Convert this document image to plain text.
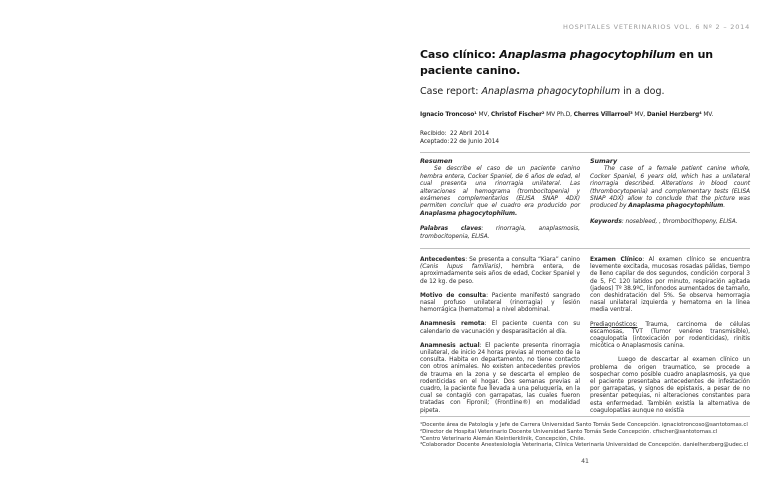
HOSPITALES VETERINARIOS VOL. 6 Nº 2 – 2014
Caso clínico: Anaplasma phagocytophilum en un paciente canino.
Case report: Anaplasma phagocytophilum in a dog.
Ignacio Troncoso¹ MV, Christof Fischer² MV Ph.D, Cherres Villarroel³ MV, Daniel Herzberg⁴ MV.
Recibido: 22 Abril 2014
Aceptado:22 de Junio 2014
Resumen

Se describe el caso de un paciente canino hembra entera, Cocker Spaniel, de 6 años de edad, el cual presenta una rinorragia unilateral. Las alteraciones al hemograma (trombocitopenia) y exámenes complementarios (ELISA SNAP 4DX) permiten concluir que el cuadro era producido por Anaplasma phagocytophilum.

Palabras claves: rinorragia, anaplasmosis, trombocitopenia, ELISA.

Sumary

The case of a female patient canine whole, Cocker Spaniel, 6 years old, which has a unilateral rinorragia described. Alterations in blood count (thrombocytopenia) and complementary tests (ELISA SNAP 4DX) allow to conclude that the picture was produced by Anaplasma phagocytophilum.

Keywords: nosebleed, , thrombocithopeny, ELISA.

Antecedentes: Se presenta a consulta “Kiara” canino (Canis lupus familiaris), hembra entera, de aproximadamente seis años de edad, Cocker Spaniel y de 12 kg. de peso.

Motivo de consulta: Paciente manifestó sangrado nasal profuso unilateral (rinorragia) y lesión hemorrágica (hematoma) a nivel abdominal.

Anamnesis remota: El paciente cuenta con su calendario de vacunación y desparasitación al día.

Anamnesis actual: El paciente presenta rinorragia unilateral, de inicio 24 horas previas al momento de la consulta. Habita en departamento, no tiene contacto con otros animales. No existen antecedentes previos de trauma en la zona y se descarta el empleo de rodenticidas en el hogar. Dos semanas previas al cuadro, la paciente fue llevada a una peluquería, en la cual se contagió con garrapatas, las cuales fueron tratadas con Fipronil; (Frontline®) en modalidad pipeta.

Examen Clínico: Al examen clínico se encuentra levemente excitada, mucosas rosadas pálidas, tiempo de lleno capilar de dos segundos, condición corporal 3 de 5, FC 120 latidos por minuto, respiración agitada (jadeos) Tº 38.9ºC, linfonodos aumentados de tamaño, con deshidratación del 5%. Se observa hemorragia nasal unilateral izquierda y hematoma en la línea media ventral.

Prediagnósticos: Trauma, carcinoma de células escamosas, TVT (Tumor venéreo transmisible), coagulopatía (intoxicación por rodenticidas), rinitis micótica o Anaplasmosis canina.

Luego de descartar al examen clínico un problema de origen traumatico, se procede a sospechar como posible cuadro anaplasmosis, ya que el paciente presentaba antecedentes de infestación por garrapatas, y signos de epistaxis, a pesar de no presentar petequias, ni alteraciones constantes para esta enfermedad. También existía la alternativa de coagulopatías aunque no existía

¹Docente área de Patología y Jefe de Carrera Universidad Santo Tomás Sede Concepción. ignaciotroncoso@santotomas.cl
²Director de Hospital Veterinario Docente Universidad Santo Tomás Sede Concepción. cfischer@santotomas.cl
³Centro Veterinario Alemán Kleintierklinik, Concepción, Chile.
⁴Colaborador Docente Anestesiología Veterinaria, Clínica Veterinaria Universidad de Concepción. danielherzberg@udec.cl
41
